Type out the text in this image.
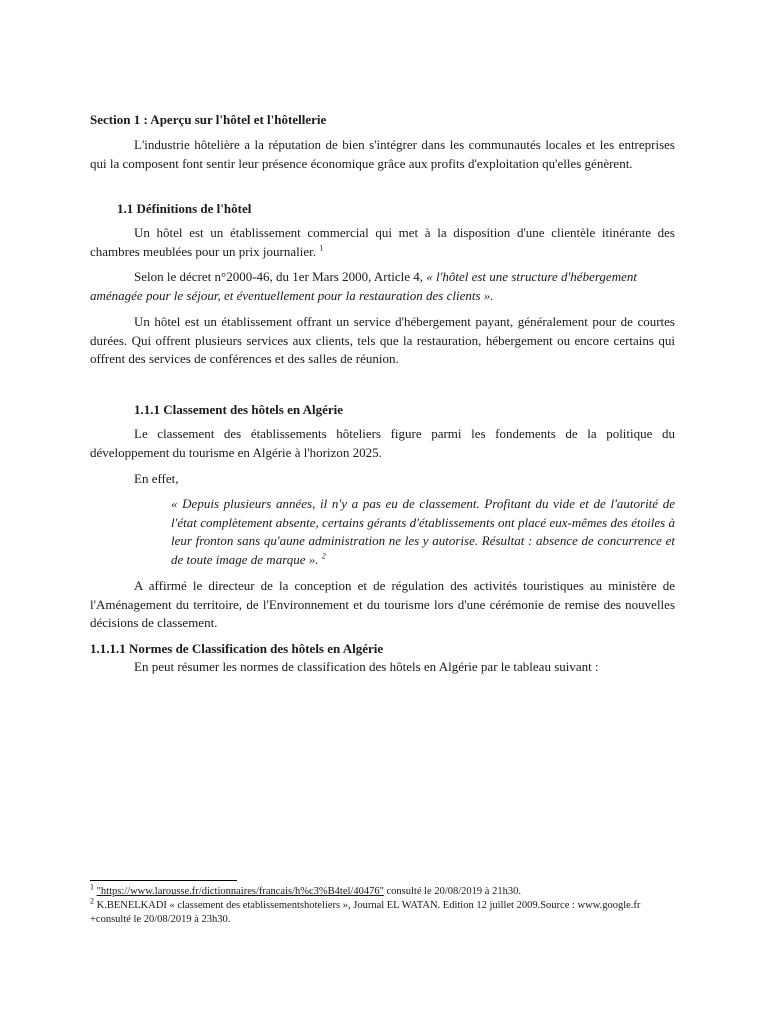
Section 1 : Aperçu sur l'hôtel et l'hôtellerie

L'industrie hôtelière a la réputation de bien s'intégrer dans les communautés locales et les entreprises qui la composent font sentir leur présence économique grâce aux profits d'exploitation qu'elles génèrent.

1.1 Définitions de l'hôtel

Un hôtel est un établissement commercial qui met à la disposition d'une clientèle itinérante des chambres meublées pour un prix journalier. $^1$

Selon le décret n°2000-46, du 1er Mars 2000, Article 4, « l'hôtel est une structure d'hébergement aménagée pour le séjour, et éventuellement pour la restauration des clients ».

Un hôtel est un établissement offrant un service d'hébergement payant, généralement pour de courtes durées. Qui offrent plusieurs services aux clients, tels que la restauration, hébergement ou encore certains qui offrent des services de conférences et des salles de réunion.

1.1.1 Classement des hôtels en Algérie

Le classement des établissements hôteliers figure parmi les fondements de la politique du développement du tourisme en Algérie à l'horizon 2025.

En effet,

« Depuis plusieurs années, il n'y a pas eu de classement. Profitant du vide et de l'autorité de l'état complètement absente, certains gérants d'établissements ont placé eux-mêmes des étoiles à leur fronton sans qu'aune administration ne les y autorise. Résultat : absence de concurrence et de toute image de marque ». $^2$

A affirmé le directeur de la conception et de régulation des activités touristiques au ministère de l'Aménagement du territoire, de l'Environnement et du tourisme lors d'une cérémonie de remise des nouvelles décisions de classement.

1.1.1.1 Normes de Classification des hôtels en Algérie

En peut résumer les normes de classification des hôtels en Algérie par le tableau suivant :

$^1$ "https://www.larousse.fr/dictionnaires/francais/h%c3%B4tel/40476" consulté le 20/08/2019 à 21h30.
$^2$ K.BENELKADI « classement des etablissementshoteliers », Journal EL WATAN. Edition 12 juillet 2009.Source : www.google.fr +consulté le 20/08/2019 à 23h30.
